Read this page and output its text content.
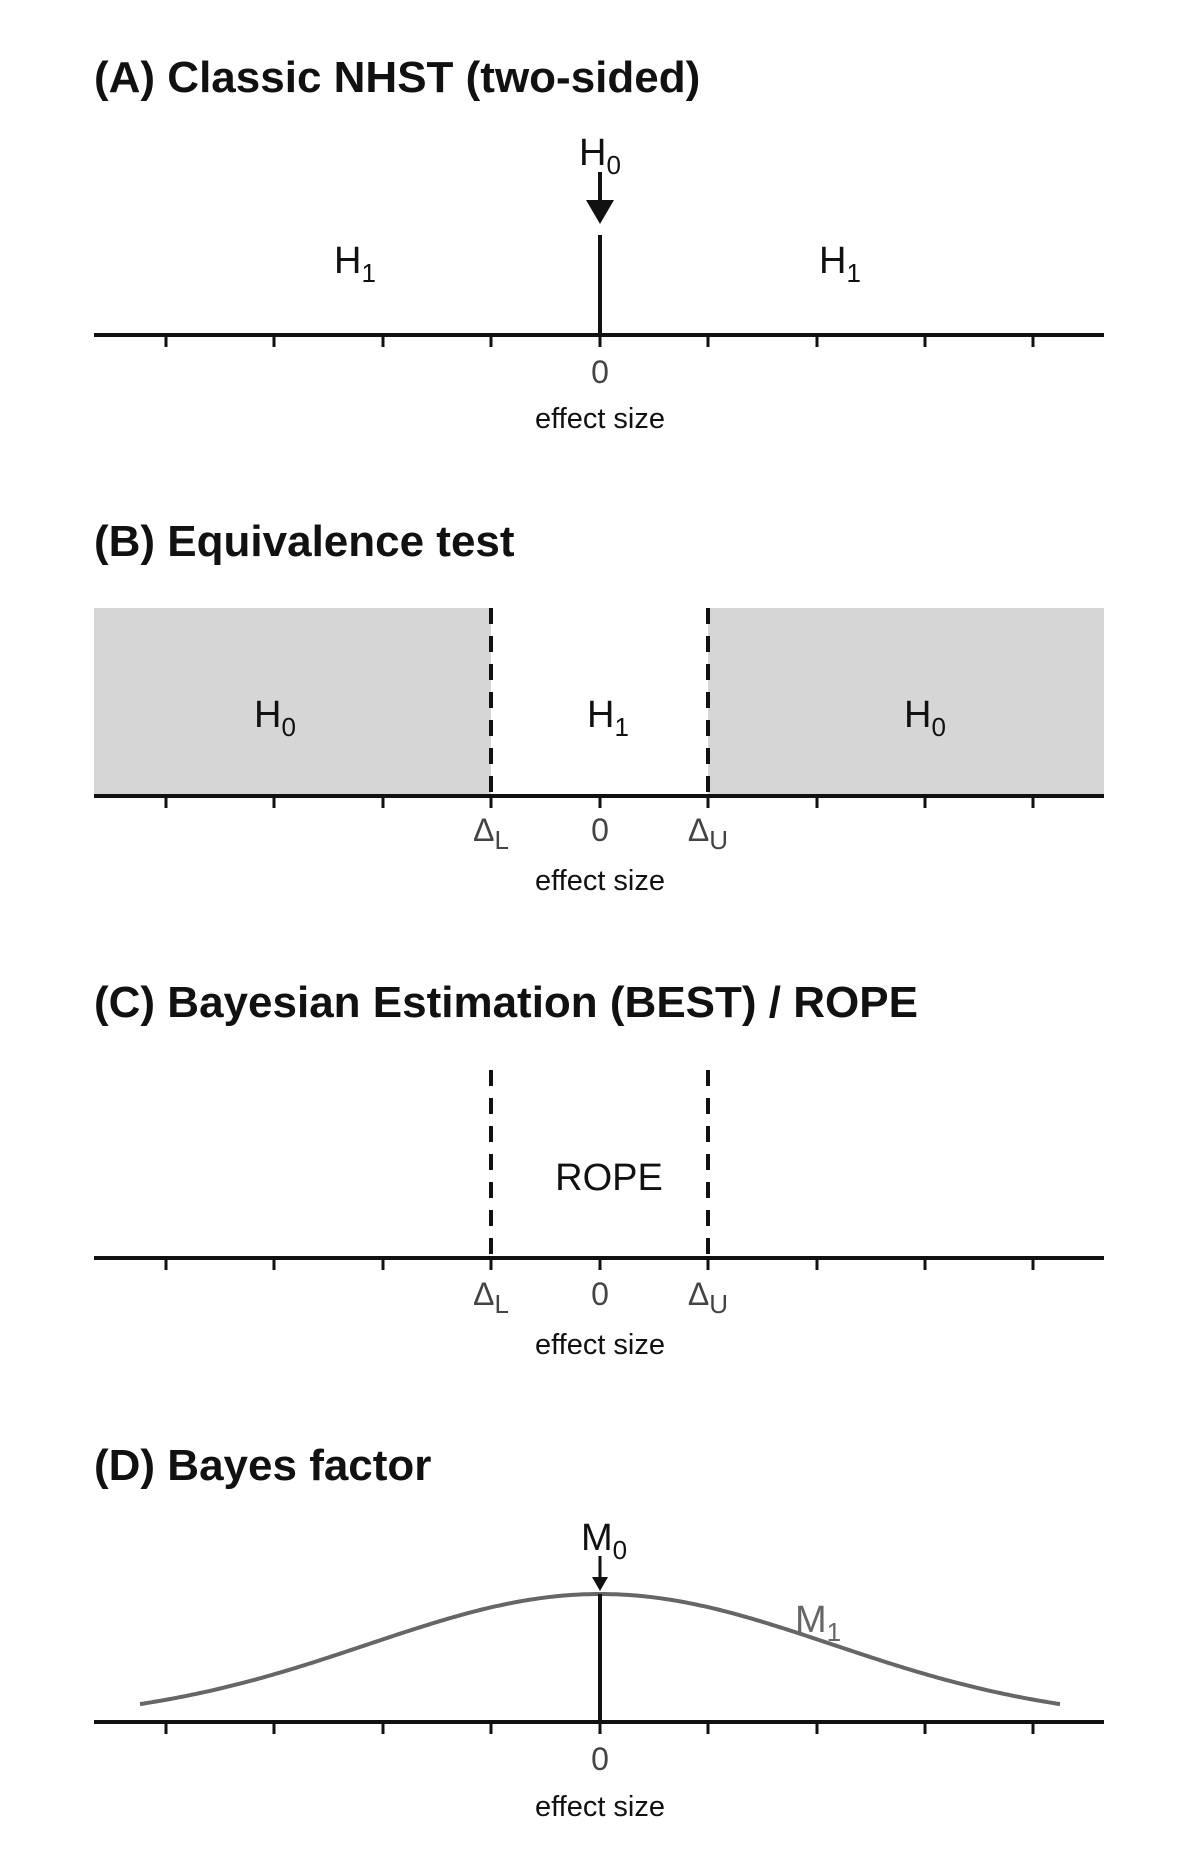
(A) Classic NHST (two-sided)
$H_0$
$H_1$	$H_1$
0
effect size
(B) Equivalence test
$H_0$	$H_1$	$H_0$
$\Delta_L$	0 $\Delta_U$
effect size
(C) Bayesian Estimation (BEST) / ROPE
ROPE
$\Delta_L$	0 $\Delta_U$
effect size
(D) Bayes factor
$M_1$
$M_0$
0
effect size
